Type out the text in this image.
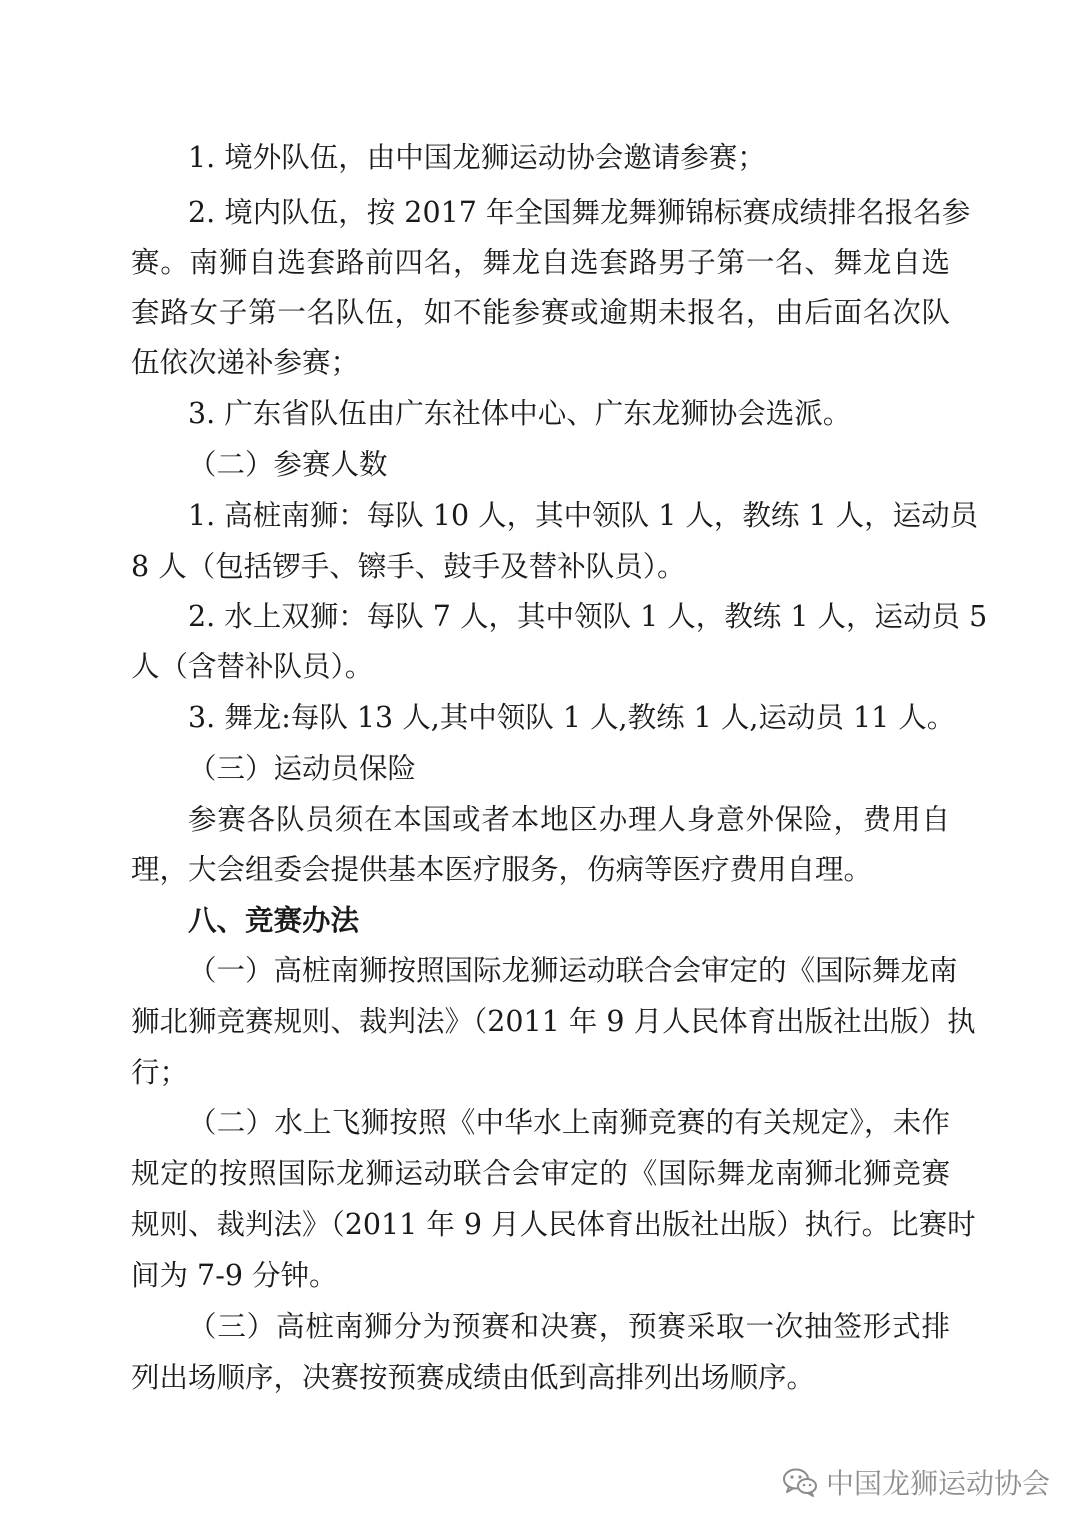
1. 境外队伍，由中国龙狮运动协会邀请参赛；
2. 境内队伍，按 2017 年全国舞龙舞狮锦标赛成绩排名报名参
赛。南狮自选套路前四名，舞龙自选套路男子第一名、舞龙自选
套路女子第一名队伍，如不能参赛或逾期未报名，由后面名次队
伍依次递补参赛；
3. 广东省队伍由广东社体中心、广东龙狮协会选派。
（二）参赛人数
1. 高桩南狮：每队 10 人，其中领队 1 人，教练 1 人，运动员
8 人（包括锣手、镲手、鼓手及替补队员）。
2. 水上双狮：每队 7 人，其中领队 1 人，教练 1 人，运动员 5
人（含替补队员）。
3. 舞龙:每队 13 人,其中领队 1 人,教练 1 人,运动员 11 人。
（三）运动员保险
参赛各队员须在本国或者本地区办理人身意外保险，费用自
理，大会组委会提供基本医疗服务，伤病等医疗费用自理。
八、竞赛办法
（一）高桩南狮按照国际龙狮运动联合会审定的《国际舞龙南
狮北狮竞赛规则、裁判法》（2011 年 9 月人民体育出版社出版）执
行；
（二）水上飞狮按照《中华水上南狮竞赛的有关规定》，未作
规定的按照国际龙狮运动联合会审定的《国际舞龙南狮北狮竞赛
规则、裁判法》（2011 年 9 月人民体育出版社出版）执行。比赛时
间为 7-9 分钟。
（三）高桩南狮分为预赛和决赛，预赛采取一次抽签形式排
列出场顺序，决赛按预赛成绩由低到高排列出场顺序。
中国龙狮运动协会
